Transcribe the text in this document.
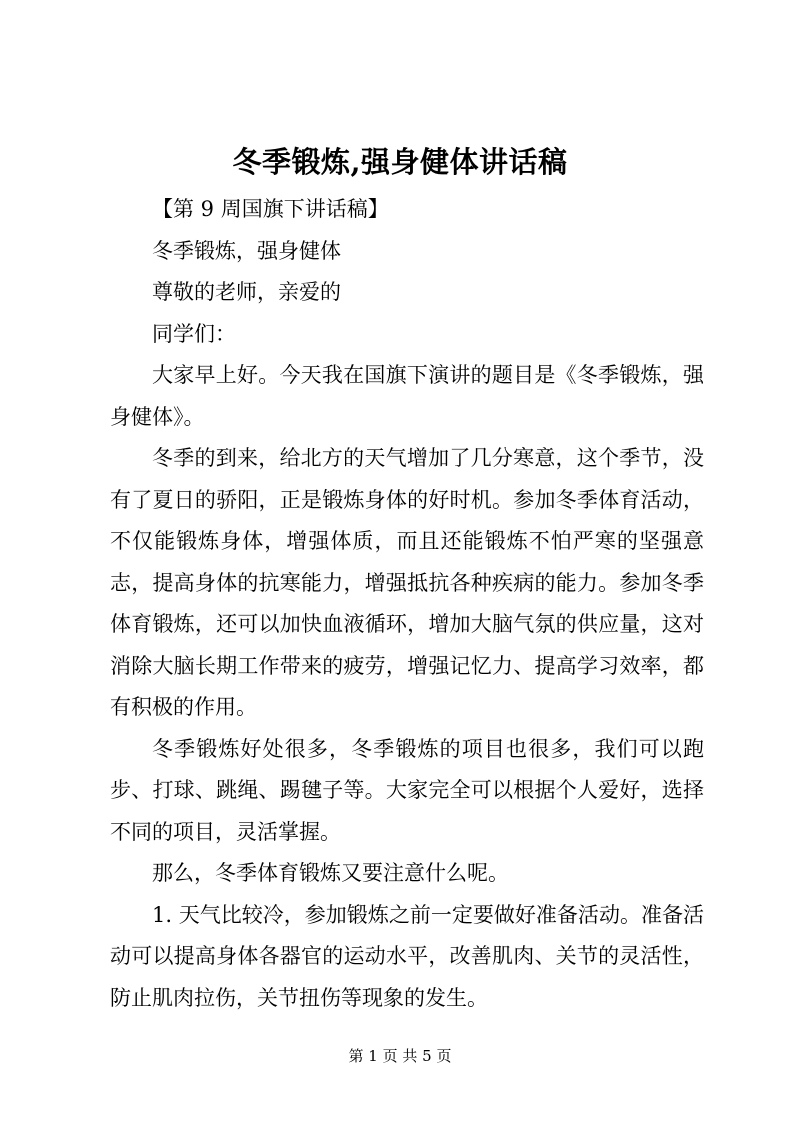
冬季锻炼,强身健体讲话稿

【第 9 周国旗下讲话稿】

冬季锻炼，强身健体

尊敬的老师，亲爱的

同学们：

大家早上好。今天我在国旗下演讲的题目是《冬季锻炼，强身健体》。

冬季的到来，给北方的天气增加了几分寒意，这个季节，没有了夏日的骄阳，正是锻炼身体的好时机。参加冬季体育活动，不仅能锻炼身体，增强体质，而且还能锻炼不怕严寒的坚强意志，提高身体的抗寒能力，增强抵抗各种疾病的能力。参加冬季体育锻炼，还可以加快血液循环，增加大脑气氛的供应量，这对消除大脑长期工作带来的疲劳，增强记忆力、提高学习效率，都有积极的作用。

冬季锻炼好处很多，冬季锻炼的项目也很多，我们可以跑步、打球、跳绳、踢毽子等。大家完全可以根据个人爱好，选择不同的项目，灵活掌握。

那么，冬季体育锻炼又要注意什么呢。

1. 天气比较冷，参加锻炼之前一定要做好准备活动。准备活动可以提高身体各器官的运动水平，改善肌肉、关节的灵活性，防止肌肉拉伤，关节扭伤等现象的发生。

第 1 页 共 5 页
